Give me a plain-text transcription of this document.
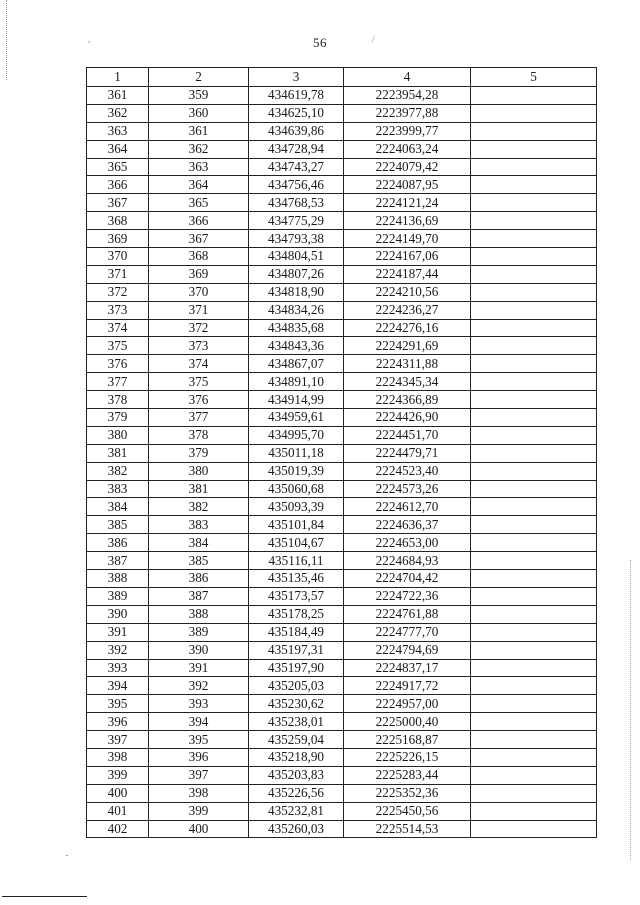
,	56	/
1	2	3	4	5
361	359	434619,78	2223954,28	
362	360	434625,10	2223977,88	
363	361	434639,86	2223999,77	
364	362	434728,94	2224063,24	
365	363	434743,27	2224079,42	
366	364	434756,46	2224087,95	
367	365	434768,53	2224121,24	
368	366	434775,29	2224136,69	
369	367	434793,38	2224149,70	
370	368	434804,51	2224167,06	
371	369	434807,26	2224187,44	
372	370	434818,90	2224210,56	
373	371	434834,26	2224236,27	
374	372	434835,68	2224276,16	
375	373	434843,36	2224291,69	
376	374	434867,07	2224311,88	
377	375	434891,10	2224345,34	
378	376	434914,99	2224366,89	
379	377	434959,61	2224426,90	
380	378	434995,70	2224451,70	
381	379	435011,18	2224479,71	
382	380	435019,39	2224523,40	
383	381	435060,68	2224573,26	
384	382	435093,39	2224612,70	
385	383	435101,84	2224636,37	
386	384	435104,67	2224653,00	
387	385	435116,11	2224684,93	
388	386	435135,46	2224704,42	
389	387	435173,57	2224722,36	
390	388	435178,25	2224761,88	
391	389	435184,49	2224777,70	
392	390	435197,31	2224794,69	
393	391	435197,90	2224837,17	
394	392	435205,03	2224917,72	
395	393	435230,62	2224957,00	
396	394	435238,01	2225000,40	
397	395	435259,04	2225168,87	
398	396	435218,90	2225226,15	
399	397	435203,83	2225283,44	
400	398	435226,56	2225352,36	
401	399	435232,81	2225450,56	
402	400	435260,03	2225514,53	
